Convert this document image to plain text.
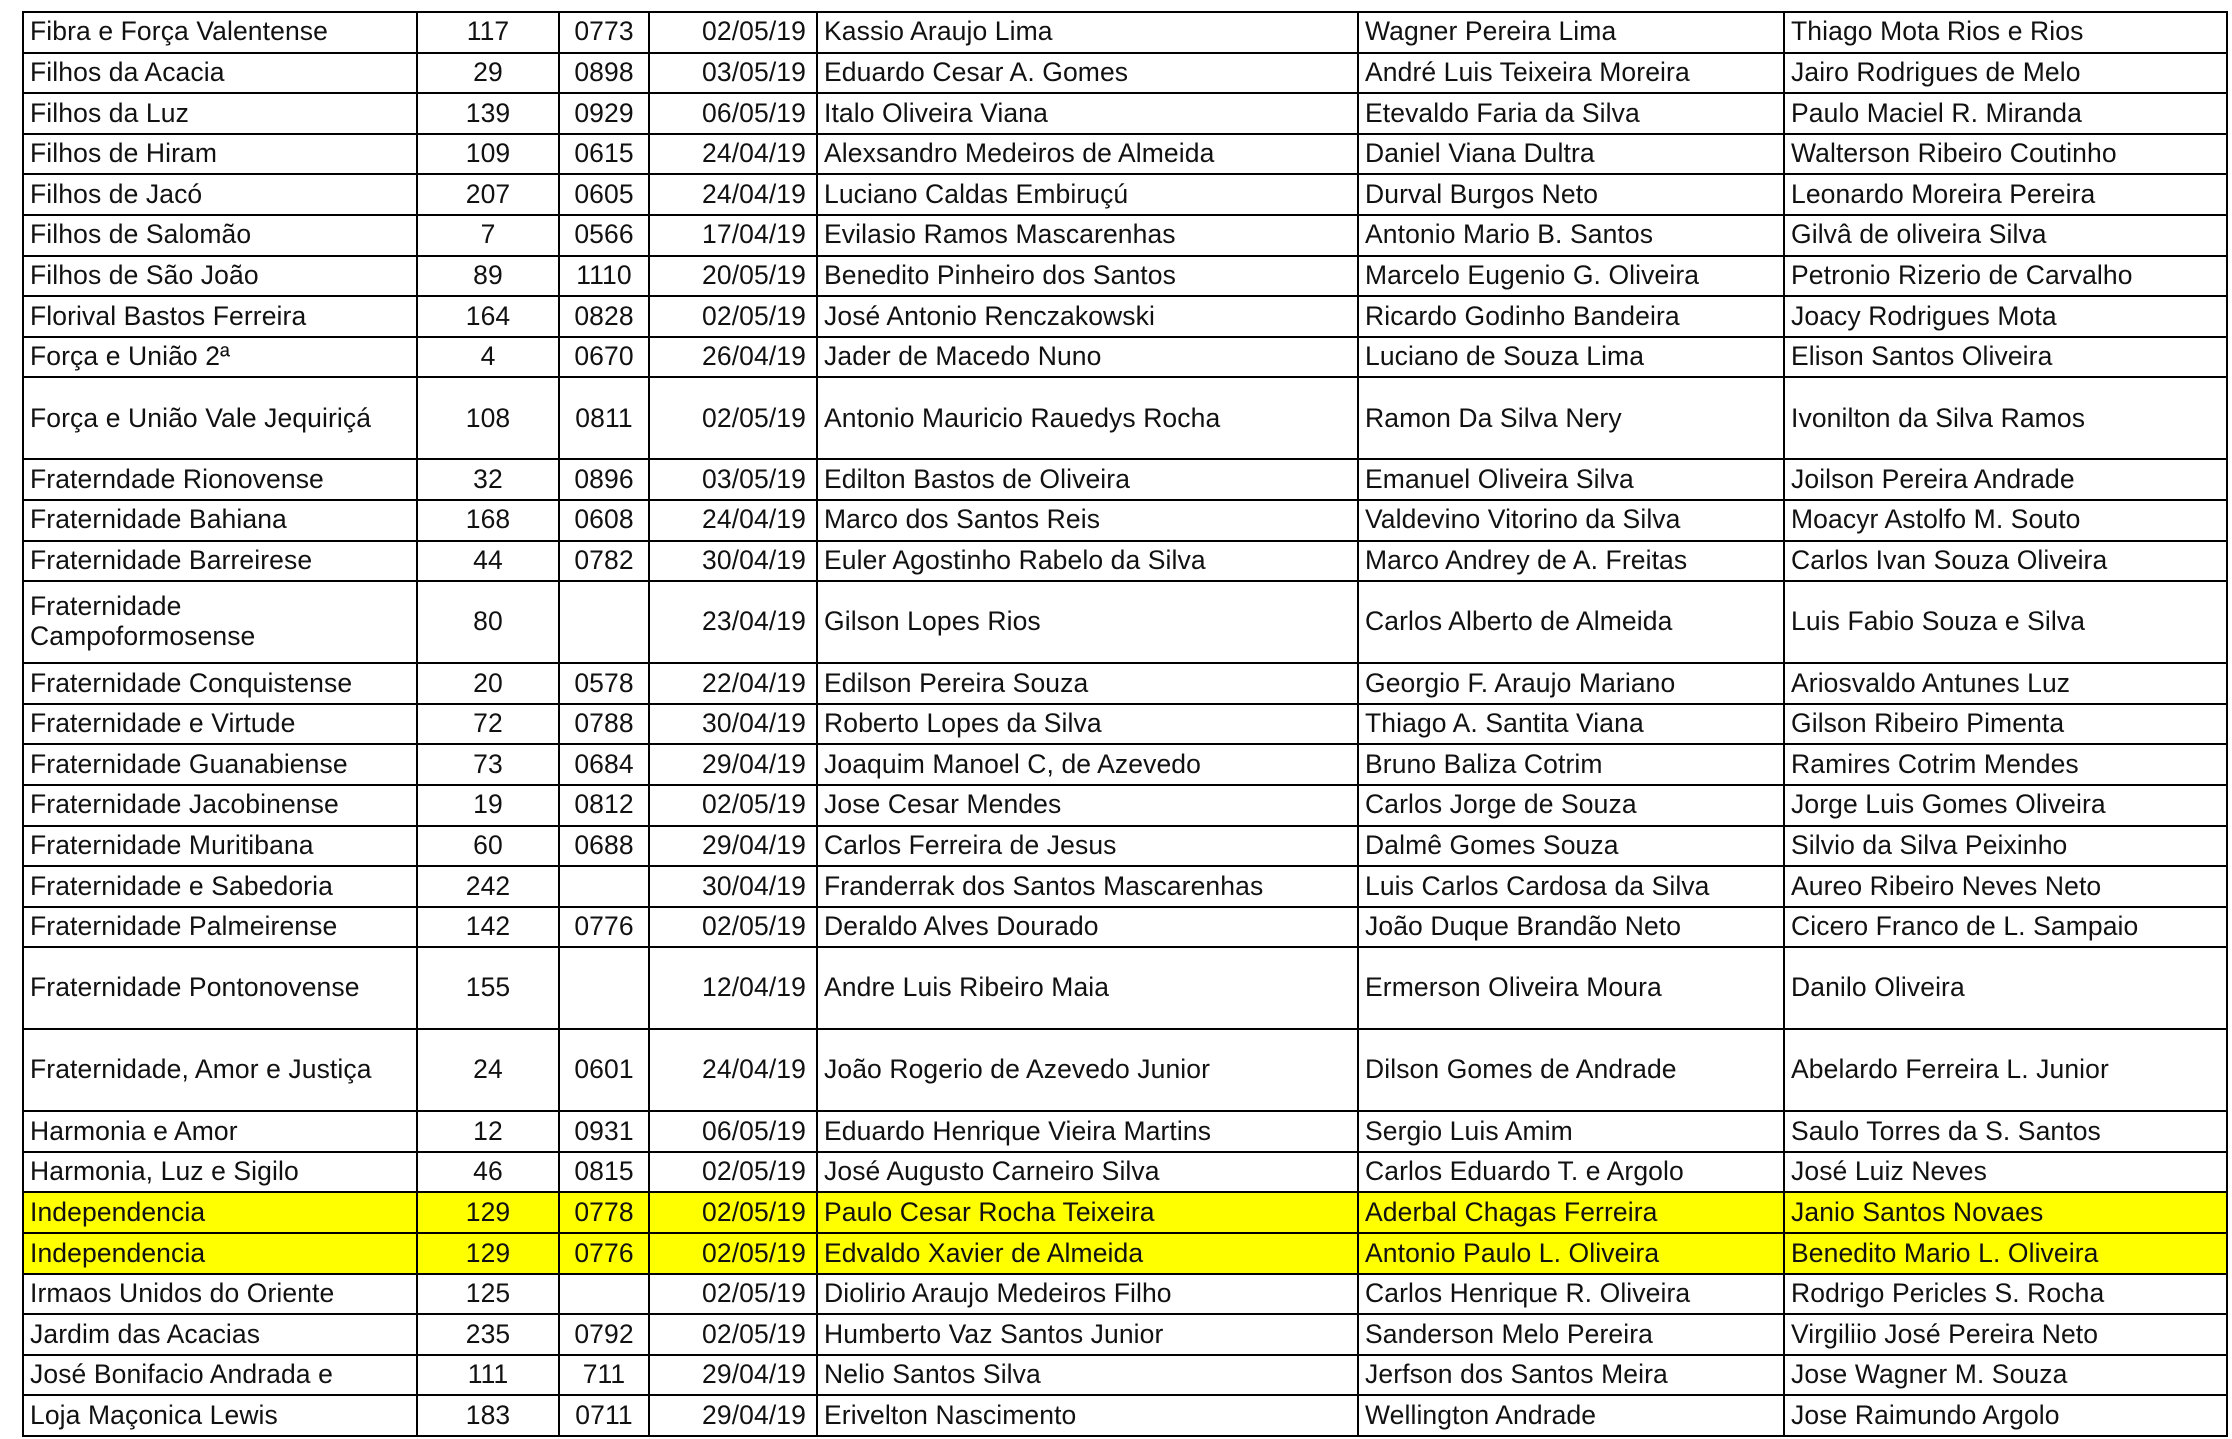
Fibra e Força Valentense	117	0773	02/05/19	Kassio Araujo Lima	Wagner Pereira Lima	Thiago Mota Rios e Rios
Filhos da Acacia	29	0898	03/05/19	Eduardo Cesar A. Gomes	André Luis Teixeira Moreira	Jairo Rodrigues de Melo
Filhos da Luz	139	0929	06/05/19	Italo Oliveira Viana	Etevaldo Faria da Silva	Paulo Maciel R. Miranda
Filhos de Hiram	109	0615	24/04/19	Alexsandro Medeiros de Almeida	Daniel Viana Dultra	Walterson Ribeiro Coutinho
Filhos de Jacó	207	0605	24/04/19	Luciano Caldas Embiruçú	Durval Burgos Neto	Leonardo Moreira Pereira
Filhos de Salomão	7	0566	17/04/19	Evilasio Ramos Mascarenhas	Antonio Mario B. Santos	Gilvâ de oliveira Silva
Filhos de São João	89	1110	20/05/19	Benedito Pinheiro dos Santos	Marcelo Eugenio G. Oliveira	Petronio Rizerio de Carvalho
Florival Bastos Ferreira	164	0828	02/05/19	José Antonio Renczakowski	Ricardo Godinho Bandeira	Joacy Rodrigues Mota
Força e União 2ª	4	0670	26/04/19	Jader de Macedo Nuno	Luciano de Souza Lima	Elison Santos Oliveira
Força e União Vale Jequiriçá	108	0811	02/05/19	Antonio Mauricio Rauedys Rocha	Ramon Da Silva Nery	Ivonilton da Silva Ramos
Fraterndade Rionovense	32	0896	03/05/19	Edilton Bastos de Oliveira	Emanuel Oliveira Silva	Joilson Pereira Andrade
Fraternidade Bahiana	168	0608	24/04/19	Marco dos Santos Reis	Valdevino Vitorino da Silva	Moacyr Astolfo M. Souto
Fraternidade Barreirese	44	0782	30/04/19	Euler Agostinho Rabelo da Silva	Marco Andrey de A. Freitas	Carlos Ivan Souza Oliveira
Fraternidade Campoformosense	80		23/04/19	Gilson Lopes Rios	Carlos Alberto de Almeida	Luis Fabio Souza e Silva
Fraternidade Conquistense	20	0578	22/04/19	Edilson Pereira Souza	Georgio F. Araujo Mariano	Ariosvaldo Antunes Luz
Fraternidade e Virtude	72	0788	30/04/19	Roberto Lopes da Silva	Thiago A. Santita Viana	Gilson Ribeiro Pimenta
Fraternidade Guanabiense	73	0684	29/04/19	Joaquim Manoel C, de Azevedo	Bruno Baliza Cotrim	Ramires Cotrim Mendes
Fraternidade Jacobinense	19	0812	02/05/19	Jose Cesar Mendes	Carlos Jorge de Souza	Jorge Luis Gomes Oliveira
Fraternidade Muritibana	60	0688	29/04/19	Carlos Ferreira de Jesus	Dalmê Gomes Souza	Silvio da Silva Peixinho
Fraternidade e Sabedoria	242		30/04/19	Franderrak dos Santos Mascarenhas	Luis Carlos Cardosa da Silva	Aureo Ribeiro Neves Neto
Fraternidade Palmeirense	142	0776	02/05/19	Deraldo Alves Dourado	João Duque Brandão Neto	Cicero Franco de L. Sampaio
Fraternidade Pontonovense	155		12/04/19	Andre Luis Ribeiro Maia	Ermerson Oliveira Moura	Danilo Oliveira
Fraternidade, Amor e Justiça	24	0601	24/04/19	João Rogerio de Azevedo Junior	Dilson Gomes de Andrade	Abelardo Ferreira L. Junior
Harmonia e Amor	12	0931	06/05/19	Eduardo Henrique Vieira Martins	Sergio Luis Amim	Saulo Torres da S. Santos
Harmonia, Luz e Sigilo	46	0815	02/05/19	José Augusto Carneiro Silva	Carlos Eduardo T. e Argolo	José Luiz Neves
Independencia	129	0778	02/05/19	Paulo Cesar Rocha Teixeira	Aderbal Chagas Ferreira	Janio Santos Novaes
Independencia	129	0776	02/05/19	Edvaldo Xavier de Almeida	Antonio Paulo L. Oliveira	Benedito Mario L. Oliveira
Irmaos Unidos do Oriente	125		02/05/19	Diolirio Araujo Medeiros Filho	Carlos Henrique R. Oliveira	Rodrigo Pericles S. Rocha
Jardim das Acacias	235	0792	02/05/19	Humberto Vaz Santos Junior	Sanderson Melo Pereira	Virgiliio José Pereira Neto
José Bonifacio Andrada e	111	711	29/04/19	Nelio Santos Silva	Jerfson dos Santos Meira	Jose Wagner M. Souza
Loja Maçonica Lewis	183	0711	29/04/19	Erivelton Nascimento	Wellington Andrade	Jose Raimundo Argolo
